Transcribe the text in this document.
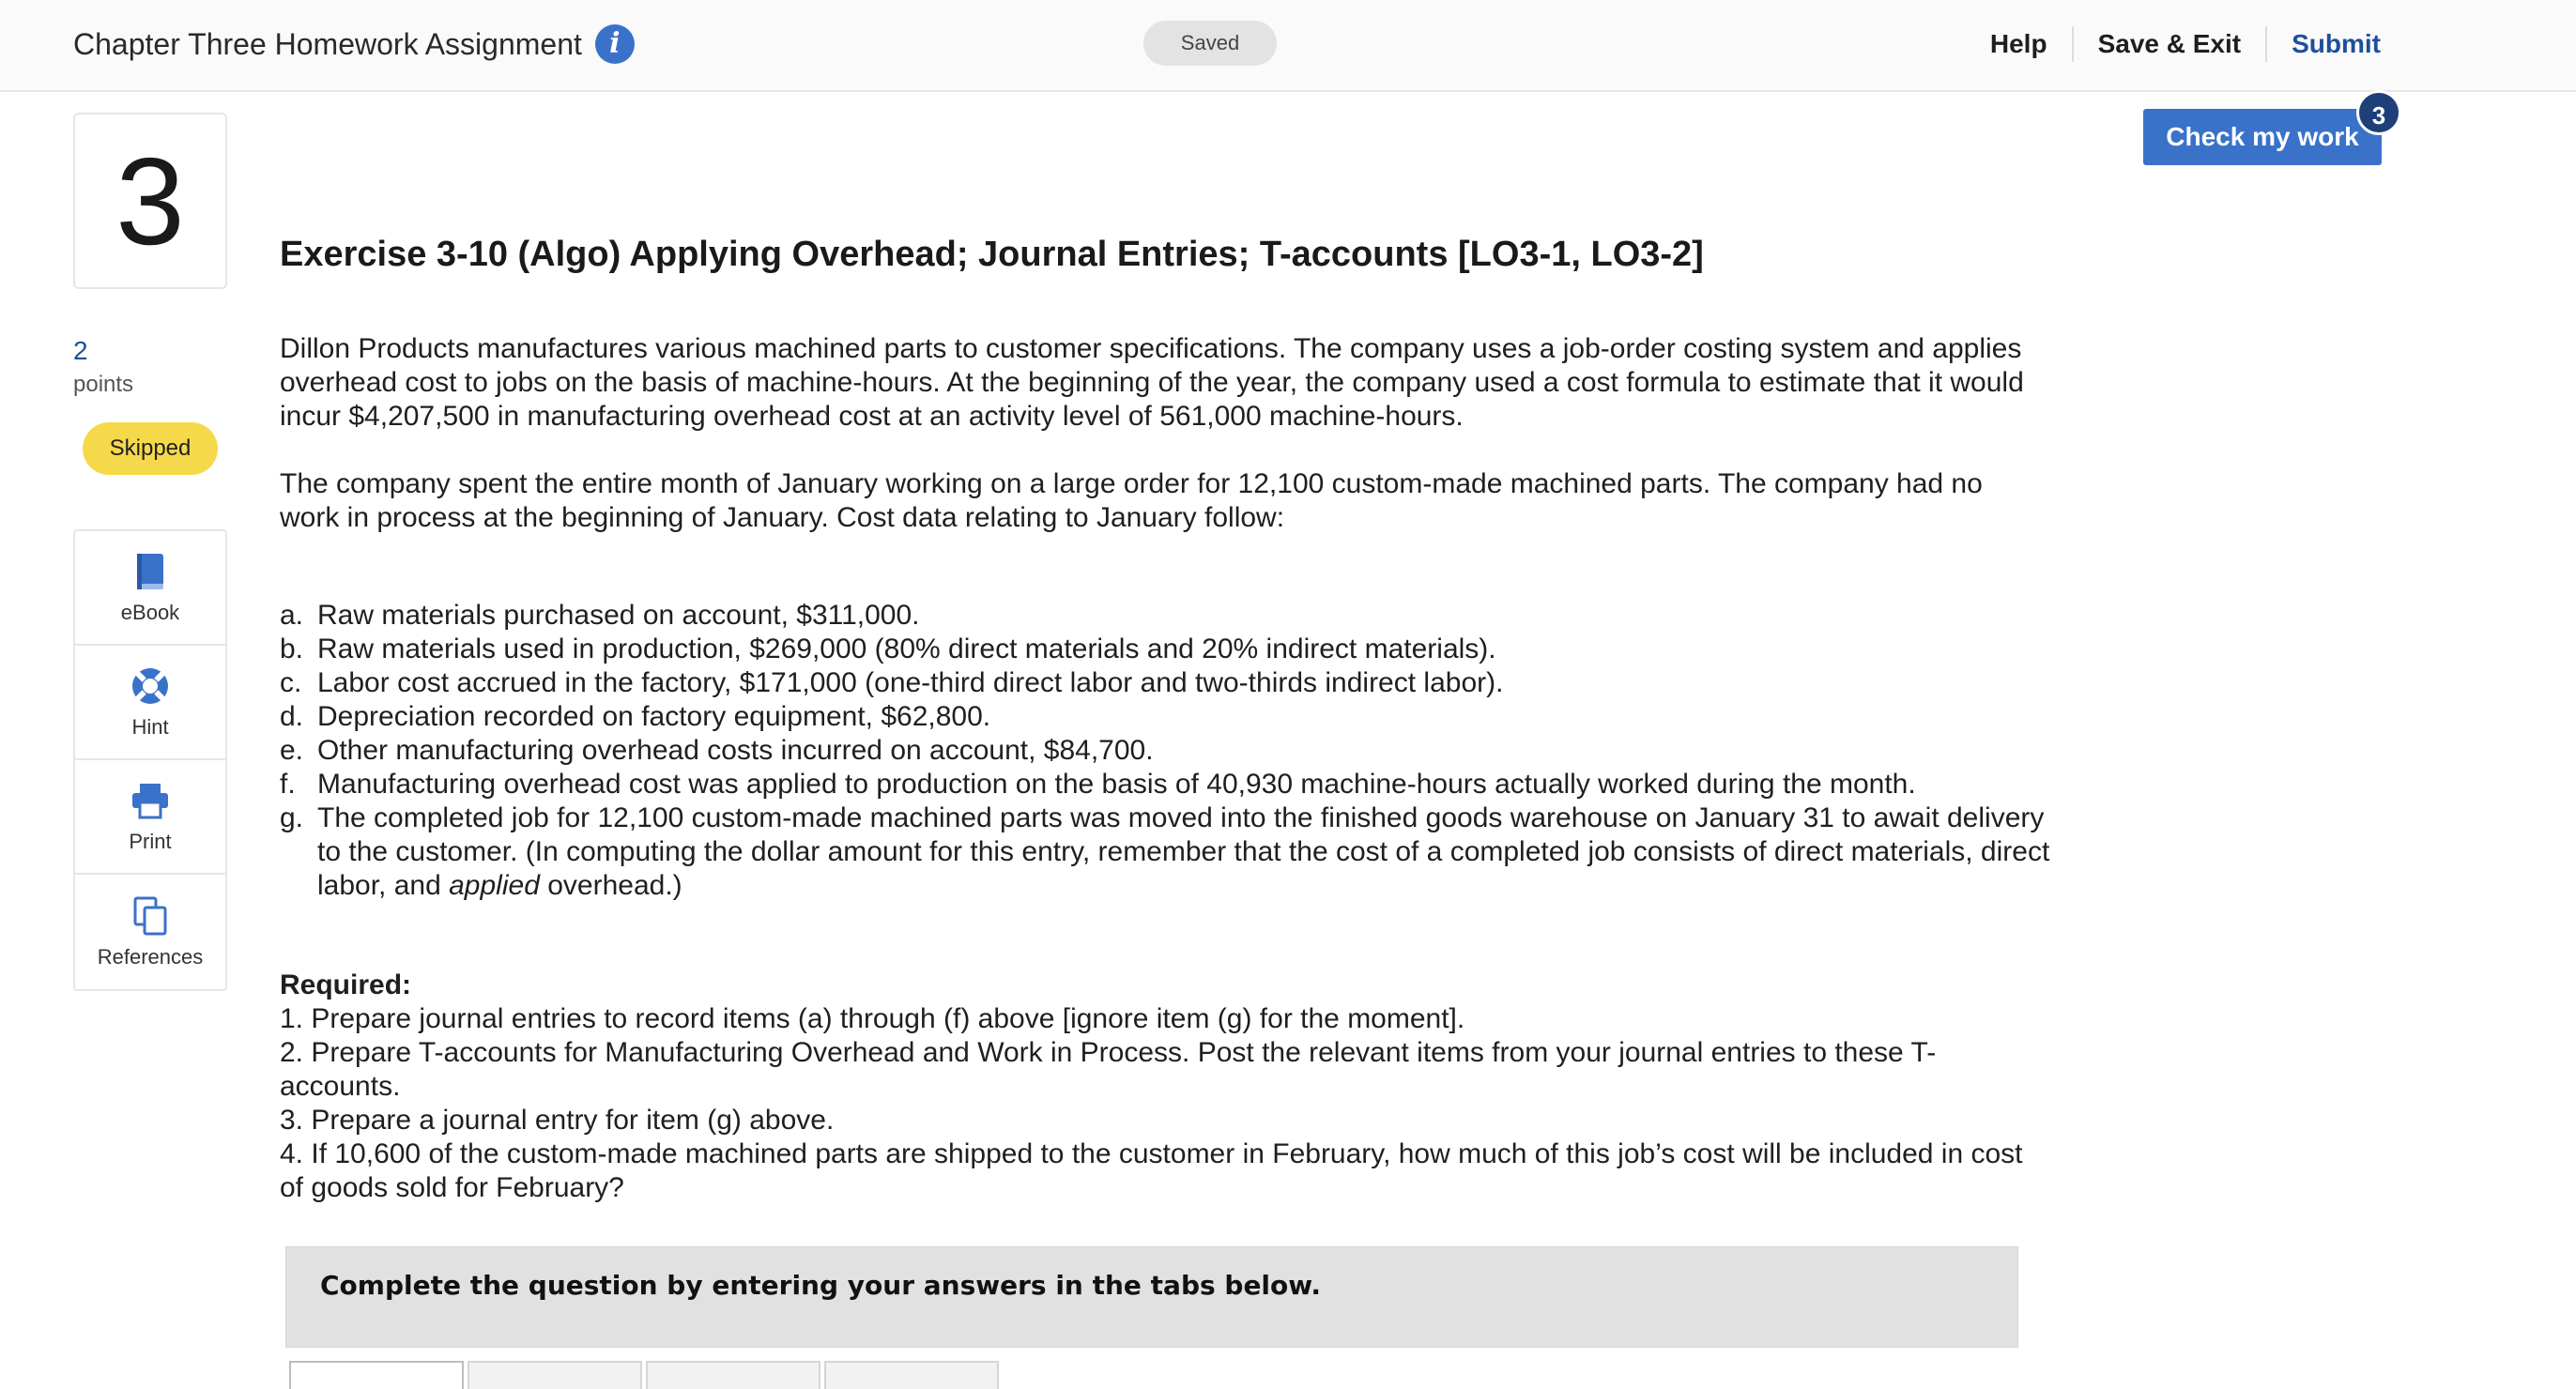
Chapter Three Homework Assignment i	Saved	Help	Save & Exit	Submit
3
2
points
Skipped
eBook
Hint
Print
References
Check my work
3
Exercise 3-10 (Algo) Applying Overhead; Journal Entries; T-accounts [LO3-1, LO3-2]
Dillon Products manufactures various machined parts to customer specifications. The company uses a job-order costing system and applies overhead cost to jobs on the basis of machine-hours. At the beginning of the year, the company used a cost formula to estimate that it would incur $4,207,500 in manufacturing overhead cost at an activity level of 561,000 machine-hours.
The company spent the entire month of January working on a large order for 12,100 custom-made machined parts. The company had no work in process at the beginning of January. Cost data relating to January follow:
a. Raw materials purchased on account, $311,000.
b. Raw materials used in production, $269,000 (80% direct materials and 20% indirect materials).
c. Labor cost accrued in the factory, $171,000 (one-third direct labor and two-thirds indirect labor).
d. Depreciation recorded on factory equipment, $62,800.
e. Other manufacturing overhead costs incurred on account, $84,700.
f. Manufacturing overhead cost was applied to production on the basis of 40,930 machine-hours actually worked during the month.
g. The completed job for 12,100 custom-made machined parts was moved into the finished goods warehouse on January 31 to await delivery to the customer. (In computing the dollar amount for this entry, remember that the cost of a completed job consists of direct materials, direct labor, and applied overhead.)
Required:
1. Prepare journal entries to record items (a) through (f) above [ignore item (g) for the moment].
2. Prepare T-accounts for Manufacturing Overhead and Work in Process. Post the relevant items from your journal entries to these T-accounts.
3. Prepare a journal entry for item (g) above.
4. If 10,600 of the custom-made machined parts are shipped to the customer in February, how much of this job’s cost will be included in cost of goods sold for February?
Complete the question by entering your answers in the tabs below.
